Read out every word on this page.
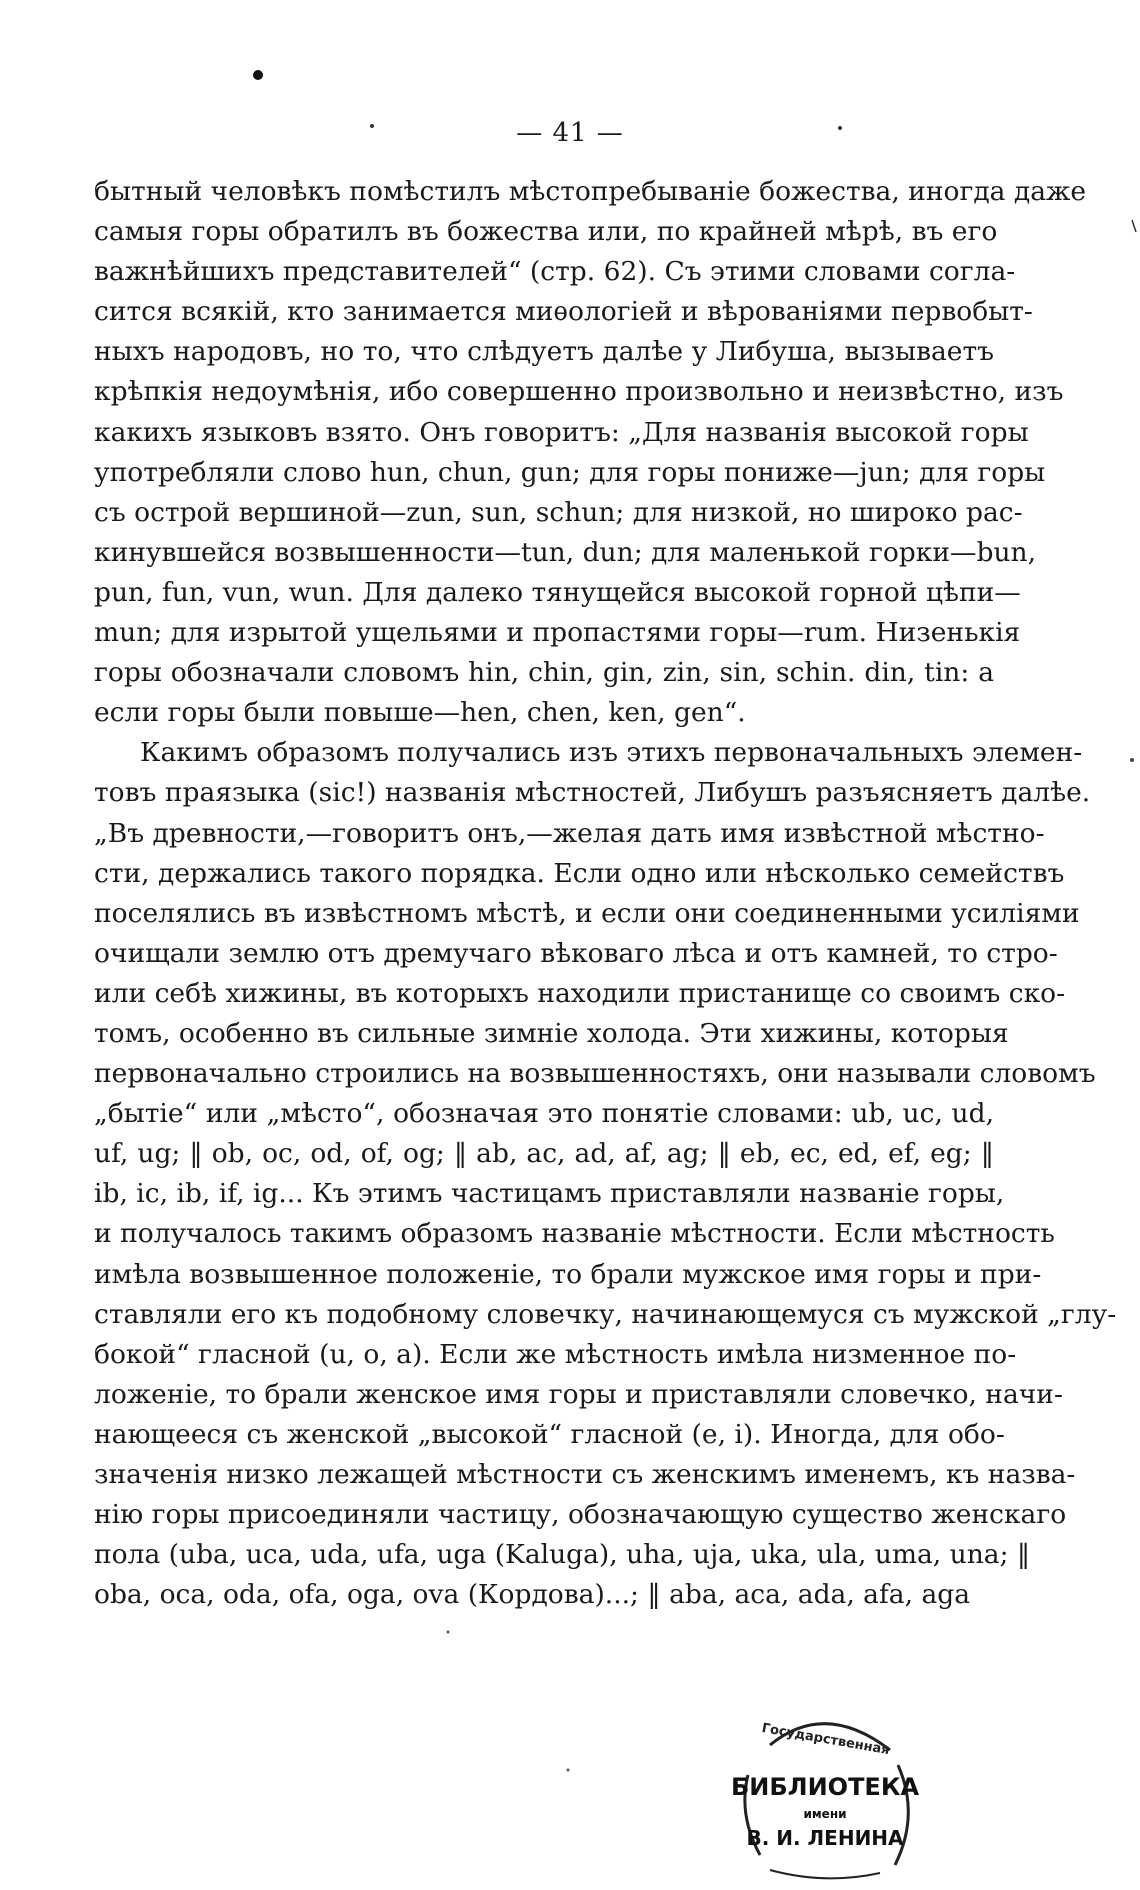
— 41 —
бытный человѣкъ помѣстилъ мѣстопребываніе божества, иногда даже
самыя горы обратилъ въ божества или, по крайней мѣрѣ, въ его
важнѣйшихъ представителей“ (стр. 62). Съ этими словами согла-
сится всякій, кто занимается миѳологіей и вѣрованіями первобыт-
ныхъ народовъ, но то, что слѣдуетъ далѣе у Либуша, вызываетъ
крѣпкія недоумѣнія, ибо совершенно произвольно и неизвѣстно, изъ
какихъ языковъ взято. Онъ говоритъ: „Для названія высокой горы
употребляли слово hun, chun, gun; для горы пониже—jun; для горы
съ острой вершиной—zun, sun, schun; для низкой, но широко рас-
кинувшейся возвышенности—tun, dun; для маленькой горки—bun,
pun, fun, vun, wun. Для далеко тянущейся высокой горной цѣпи—
mun; для изрытой ущельями и пропастями горы—rum. Низенькія
горы обозначали словомъ hin, chin, gin, zin, sin, schin. din, tin: а
если горы были повыше—hen, chen, ken, gen“.
Какимъ образомъ получались изъ этихъ первоначальныхъ элемен-
товъ праязыка (sic!) названія мѣстностей, Либушъ разъясняетъ далѣе.
„Въ древности,—говоритъ онъ,—желая дать имя извѣстной мѣстно-
сти, держались такого порядка. Если одно или нѣсколько семействъ
поселялись въ извѣстномъ мѣстѣ, и если они соединенными усиліями
очищали землю отъ дремучаго вѣковаго лѣса и отъ камней, то стро-
или себѣ хижины, въ которыхъ находили пристанище со своимъ ско-
томъ, особенно въ сильные зимніе холода. Эти хижины, которыя
первоначально строились на возвышенностяхъ, они называли словомъ
„бытіе“ или „мѣсто“, обозначая это понятіе словами: ub, uc, ud,
uf, ug; ‖ ob, oc, od, of, og; ‖ ab, ac, ad, af, ag; ‖ eb, ec, ed, ef, eg; ‖
ib, ic, ib, if, ig... Къ этимъ частицамъ приставляли названіе горы,
и получалось такимъ образомъ названіе мѣстности. Если мѣстность
имѣла возвышенное положеніе, то брали мужское имя горы и при-
ставляли его къ подобному словечку, начинающемуся съ мужской „глу-
бокой“ гласной (u, o, a). Если же мѣстность имѣла низменное по-
ложеніе, то брали женское имя горы и приставляли словечко, начи-
нающееся съ женской „высокой“ гласной (e, i). Иногда, для обо-
значенія низко лежащей мѣстности съ женскимъ именемъ, къ назва-
нію горы присоединяли частицу, обозначающую существо женскаго
пола (uba, uca, uda, ufa, uga (Kaluga), uha, uja, uka, ula, uma, una; ‖
oba, oca, oda, ofa, oga, ova (Кордова)...; ‖ aba, aca, ada, afa, aga
Государственная
БИБЛИОТЕКА
имени
В. И. ЛЕНИНА
